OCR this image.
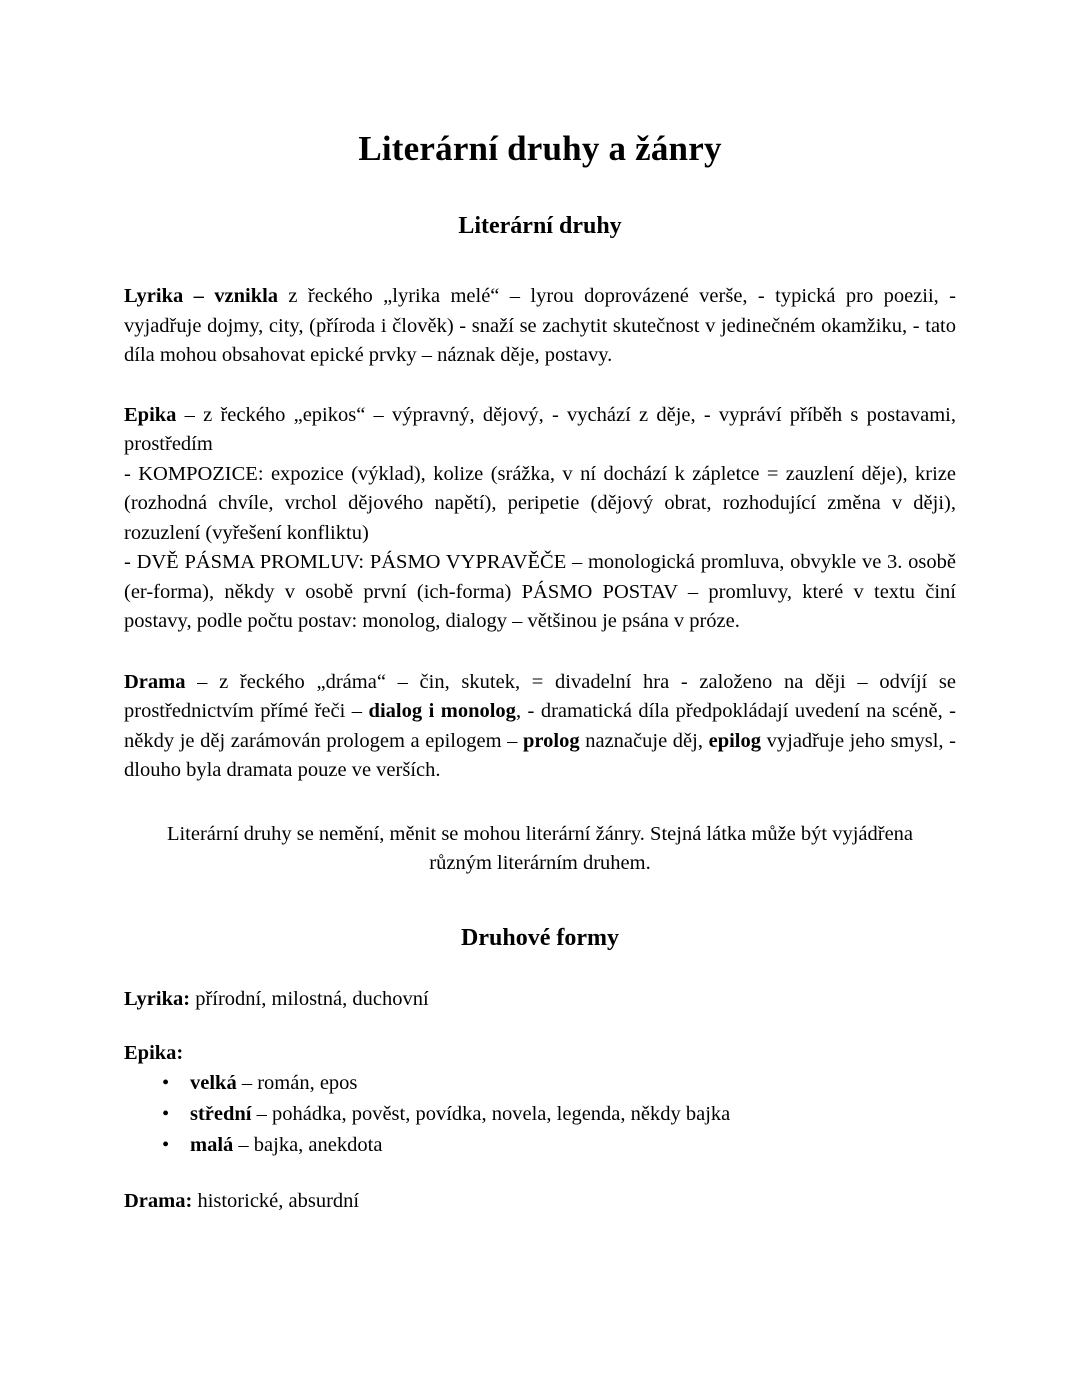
Literární druhy a žánry
Literární druhy

Lyrika – vznikla z řeckého „lyrika melé“ – lyrou doprovázené verše, - typická pro poezii, - vyjadřuje dojmy, city, (příroda i člověk) - snaží se zachytit skutečnost v jedinečném okamžiku, - tato díla mohou obsahovat epické prvky – náznak děje, postavy.

Epika – z řeckého „epikos“ – výpravný, dějový, - vychází z děje, - vypráví příběh s postavami, prostředím

- KOMPOZICE: expozice (výklad), kolize (srážka, v ní dochází k zápletce = zauzlení děje), krize (rozhodná chvíle, vrchol dějového napětí), peripetie (dějový obrat, rozhodující změna v ději), rozuzlení (vyřešení konfliktu)

- DVĚ PÁSMA PROMLUV: PÁSMO VYPRAVĚČE – monologická promluva, obvykle ve 3. osobě (er-forma), někdy v osobě první (ich-forma) PÁSMO POSTAV – promluvy, které v textu činí postavy, podle počtu postav: monolog, dialogy – většinou je psána v próze.

Drama – z řeckého „dráma“ – čin, skutek, = divadelní hra - založeno na ději – odvíjí se prostřednictvím přímé řeči – dialog i monolog, - dramatická díla předpokládají uvedení na scéně, - někdy je děj zarámován prologem a epilogem – prolog naznačuje děj, epilog vyjadřuje jeho smysl, - dlouho byla dramata pouze ve verších.

Literární druhy se nemění, měnit se mohou literární žánry. Stejná látka může být vyjádřena různým literárním druhem.

Druhové formy

Lyrika: přírodní, milostná, duchovní

Epika:

• velká – román, epos
• střední – pohádka, pověst, povídka, novela, legenda, někdy bajka
• malá – bajka, anekdota

Drama: historické, absurdní
